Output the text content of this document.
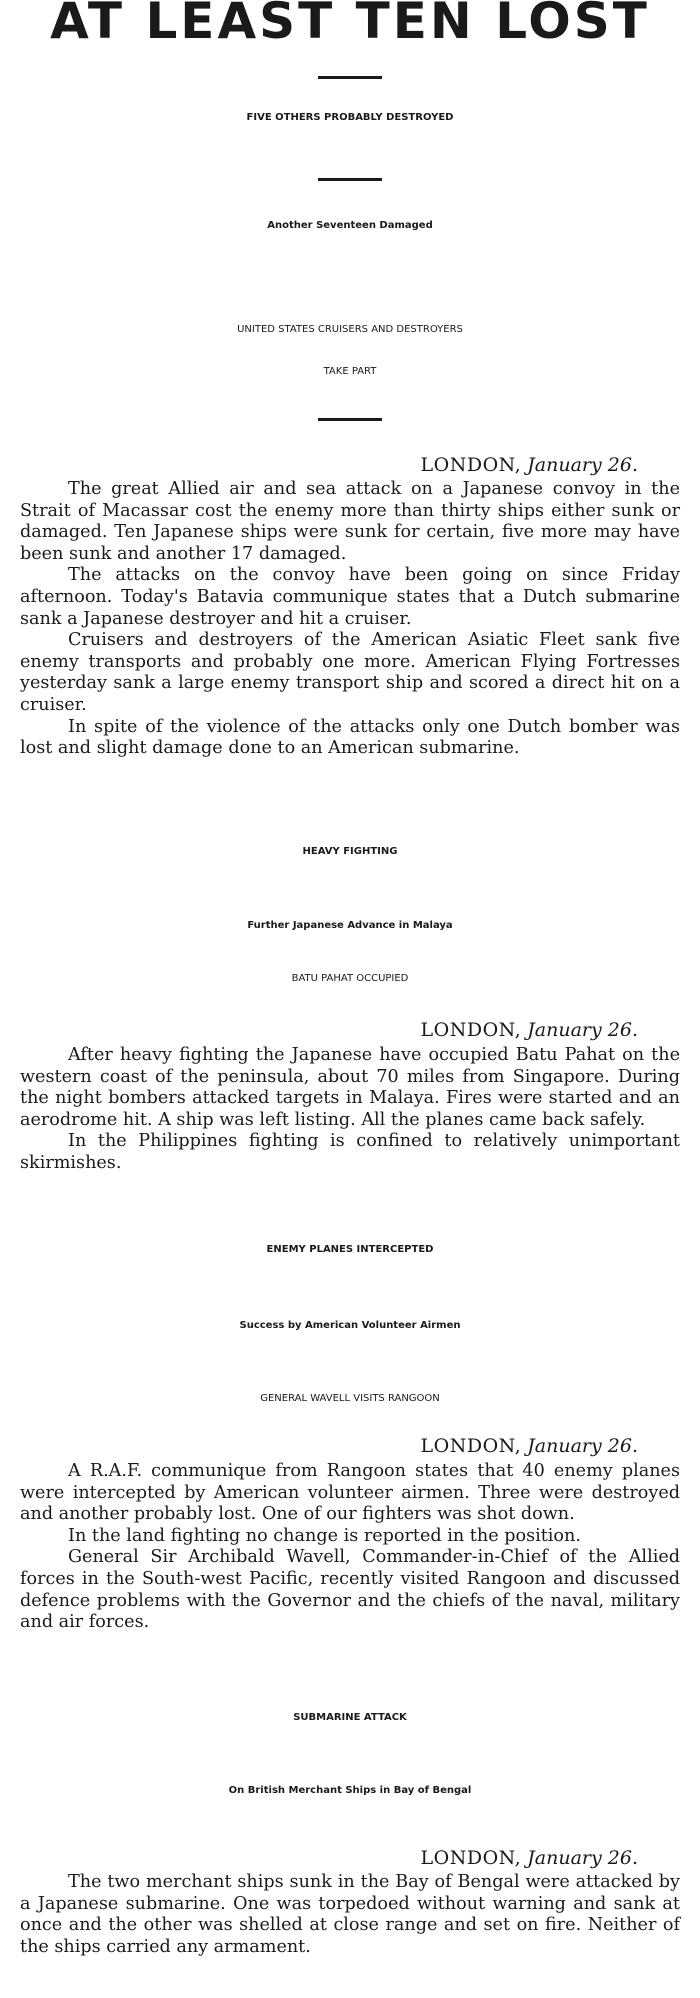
AT LEAST TEN LOST
FIVE OTHERS PROBABLY DESTROYED
Another Seventeen Damaged
UNITED STATES CRUISERS AND DESTROYERS
TAKE PART
LONDON, January 26.

The great Allied air and sea attack on a Japanese convoy in the Strait of Macassar cost the enemy more than thirty ships either sunk or damaged. Ten Japanese ships were sunk for certain, five more may have been sunk and another 17 damaged.

The attacks on the convoy have been going on since Friday afternoon. Today's Batavia communique states that a Dutch submarine sank a Japanese destroyer and hit a cruiser.

Cruisers and destroyers of the American Asiatic Fleet sank five enemy transports and probably one more. American Flying Fortresses yesterday sank a large enemy transport ship and scored a direct hit on a cruiser.

In spite of the violence of the attacks only one Dutch bomber was lost and slight damage done to an American submarine.

HEAVY FIGHTING
Further Japanese Advance in Malaya
BATU PAHAT OCCUPIED
LONDON, January 26.

After heavy fighting the Japanese have occupied Batu Pahat on the western coast of the peninsula, about 70 miles from Singapore. During the night bombers attacked targets in Malaya. Fires were started and an aerodrome hit. A ship was left listing. All the planes came back safely.

In the Philippines fighting is confined to relatively unimportant skirmishes.

ENEMY PLANES INTERCEPTED
Success by American Volunteer Airmen
GENERAL WAVELL VISITS RANGOON
LONDON, January 26.

A R.A.F. communique from Rangoon states that 40 enemy planes were intercepted by American volunteer airmen. Three were destroyed and another probably lost. One of our fighters was shot down.

In the land fighting no change is reported in the position.

General Sir Archibald Wavell, Commander-in-Chief of the Allied forces in the South-west Pacific, recently visited Rangoon and discussed defence problems with the Governor and the chiefs of the naval, military and air forces.

SUBMARINE ATTACK
On British Merchant Ships in Bay of Bengal
LONDON, January 26.

The two merchant ships sunk in the Bay of Bengal were attacked by a Japanese submarine. One was torpedoed without warning and sank at once and the other was shelled at close range and set on fire. Neither of the ships carried any armament.
